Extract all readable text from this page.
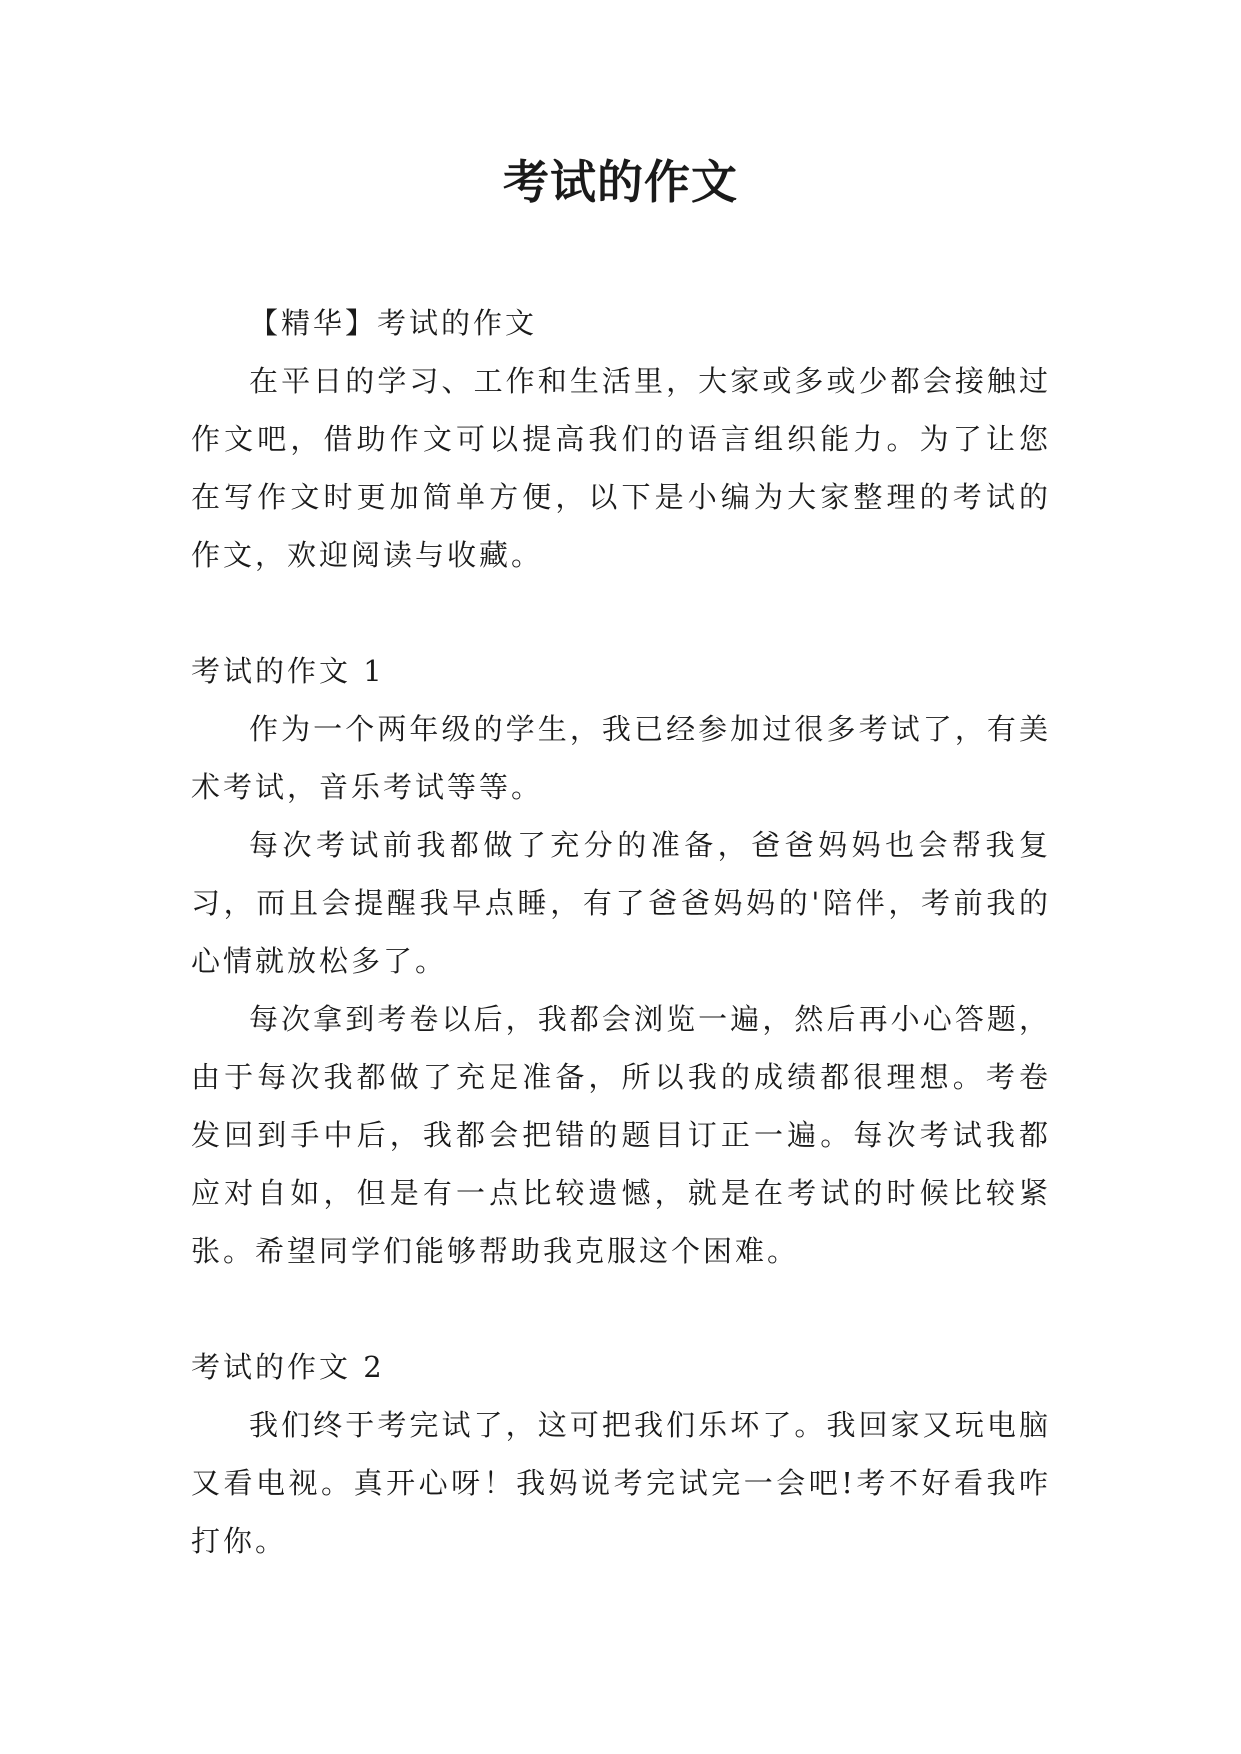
考试的作文

【精华】考试的作文

在平日的学习、工作和生活里，大家或多或少都会接触过作文吧，借助作文可以提高我们的语言组织能力。为了让您在写作文时更加简单方便，以下是小编为大家整理的考试的作文，欢迎阅读与收藏。

考试的作文 1

作为一个两年级的学生，我已经参加过很多考试了，有美术考试，音乐考试等等。

每次考试前我都做了充分的准备，爸爸妈妈也会帮我复习，而且会提醒我早点睡，有了爸爸妈妈的'陪伴，考前我的心情就放松多了。

每次拿到考卷以后，我都会浏览一遍，然后再小心答题，由于每次我都做了充足准备，所以我的成绩都很理想。考卷发回到手中后，我都会把错的题目订正一遍。每次考试我都应对自如，但是有一点比较遗憾，就是在考试的时候比较紧张。希望同学们能够帮助我克服这个困难。

考试的作文 2

我们终于考完试了，这可把我们乐坏了。我回家又玩电脑又看电视。真开心呀！我妈说考完试完一会吧!考不好看我咋打你。
